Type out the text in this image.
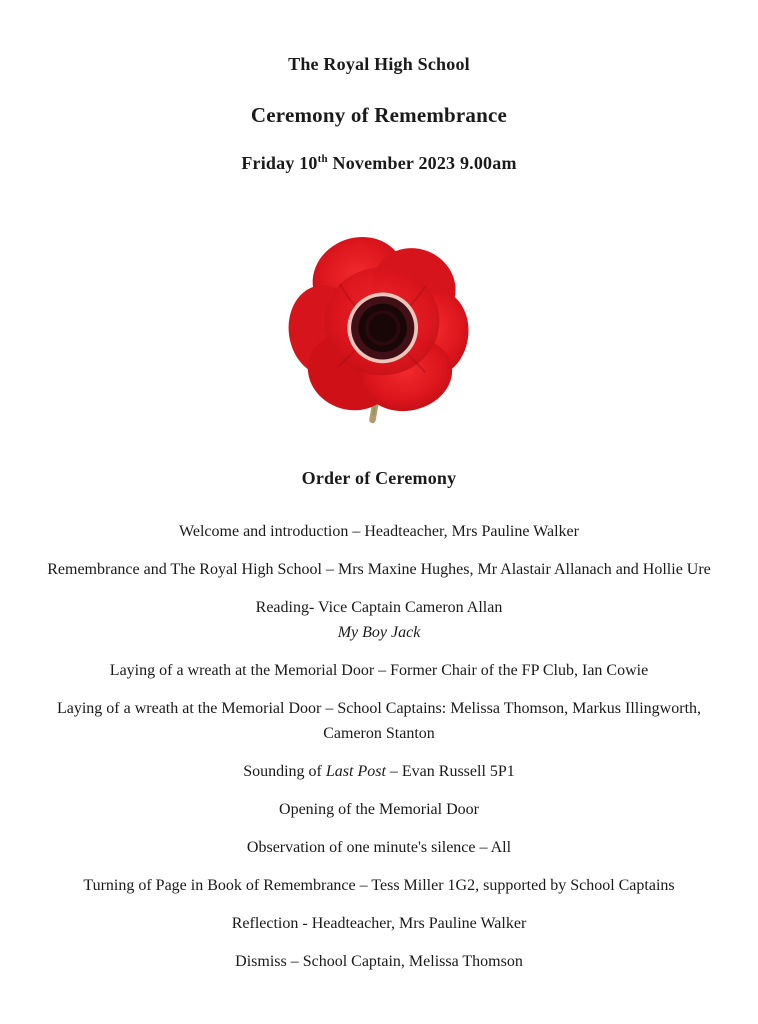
The Royal High School
Ceremony of Remembrance
Friday 10th November 2023 9.00am
Order of Ceremony

Welcome and introduction – Headteacher, Mrs Pauline Walker

Remembrance and The Royal High School – Mrs Maxine Hughes, Mr Alastair Allanach and Hollie Ure

Reading- Vice Captain Cameron Allan
My Boy Jack

Laying of a wreath at the Memorial Door – Former Chair of the FP Club, Ian Cowie

Laying of a wreath at the Memorial Door – School Captains: Melissa Thomson, Markus Illingworth, Cameron Stanton

Sounding of Last Post – Evan Russell 5P1

Opening of the Memorial Door

Observation of one minute's silence – All

Turning of Page in Book of Remembrance – Tess Miller 1G2, supported by School Captains

Reflection - Headteacher, Mrs Pauline Walker

Dismiss – School Captain, Melissa Thomson
